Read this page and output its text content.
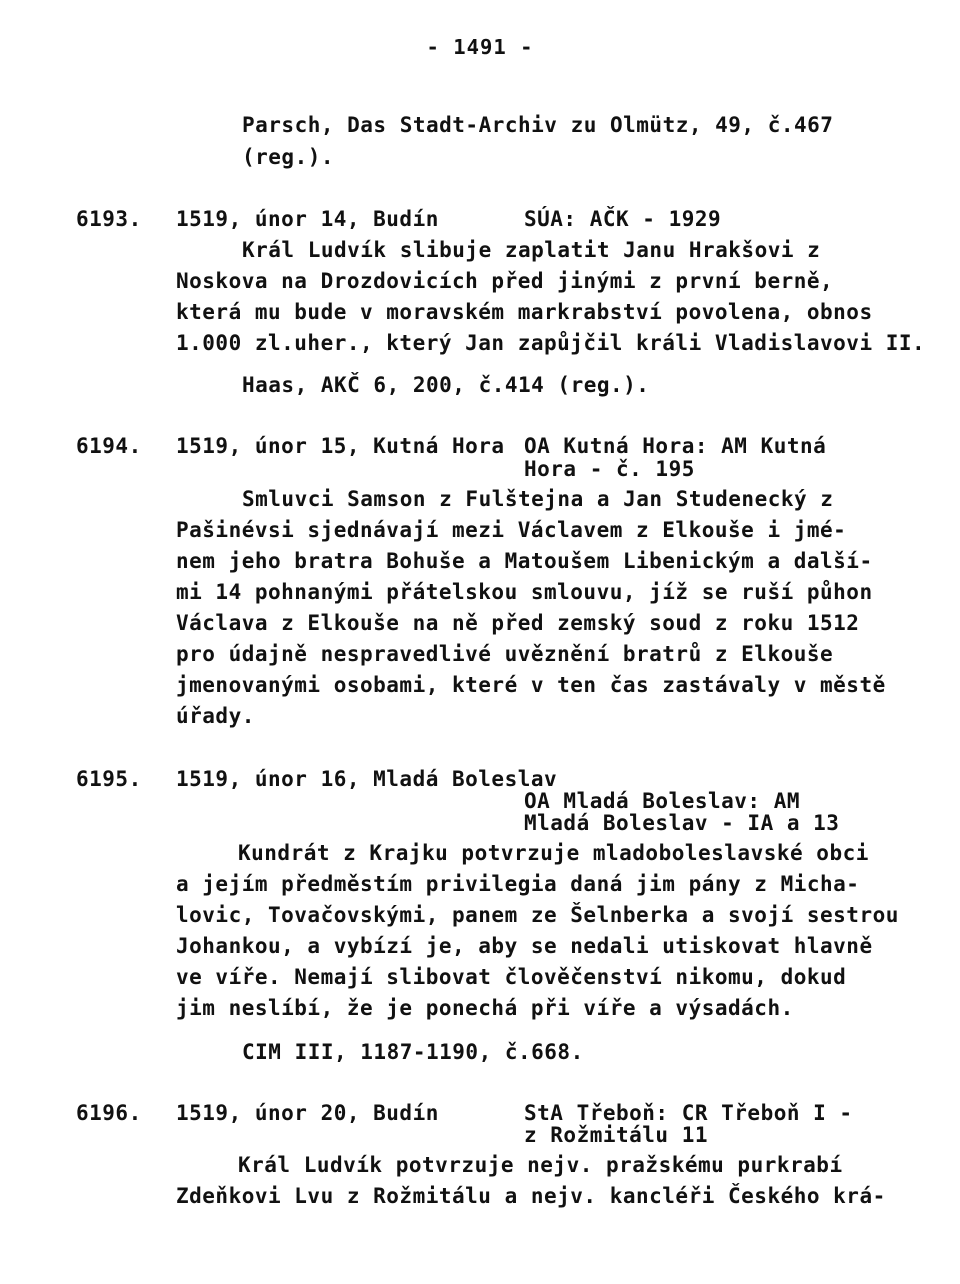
- 1491 -
Parsch, Das Stadt-Archiv zu Olmütz, 49, č.467
(reg.).
6193. 1519, únor 14, Budín	SÚA: AČK - 1929
Král Ludvík slibuje zaplatit Janu Hrakšovi z
Noskova na Drozdovicích před jinými z první berně,
která mu bude v moravském markrabství povolena, obnos
1.000 zl.uher., který Jan zapůjčil králi Vladislavovi II.
Haas, AKČ 6, 200, č.414 (reg.).
6194. 1519, únor 15, Kutná Hora OA Kutná Hora: AM Kutná
Hora - č. 195
Smluvci Samson z Fulštejna a Jan Studenecký z
Pašinévsi sjednávají mezi Václavem z Elkouše i jmé-
nem jeho bratra Bohuše a Matoušem Libenickým a další-
mi 14 pohnanými přátelskou smlouvu, jíž se ruší půhon
Václava z Elkouše na ně před zemský soud z roku 1512
pro údajně nespravedlivé uvěznění bratrů z Elkouše
jmenovanými osobami, které v ten čas zastávaly v městě
úřady.
6195. 1519, únor 16, Mladá Boleslav
OA Mladá Boleslav: AM
Mladá Boleslav - IA a 13
Kundrát z Krajku potvrzuje mladoboleslavské obci
a jejím předměstím privilegia daná jim pány z Micha-
lovic, Tovačovskými, panem ze Šelnberka a svojí sestrou
Johankou, a vybízí je, aby se nedali utiskovat hlavně
ve víře. Nemají slibovat člověčenství nikomu, dokud
jim neslíbí, že je ponechá při víře a výsadách.
CIM III, 1187-1190, č.668.
6196. 1519, únor 20, Budín	StA Třeboň: CR Třeboň I -
z Rožmitálu 11
Král Ludvík potvrzuje nejv. pražskému purkrabí
Zdeňkovi Lvu z Rožmitálu a nejv. kancléři Českého krá-
